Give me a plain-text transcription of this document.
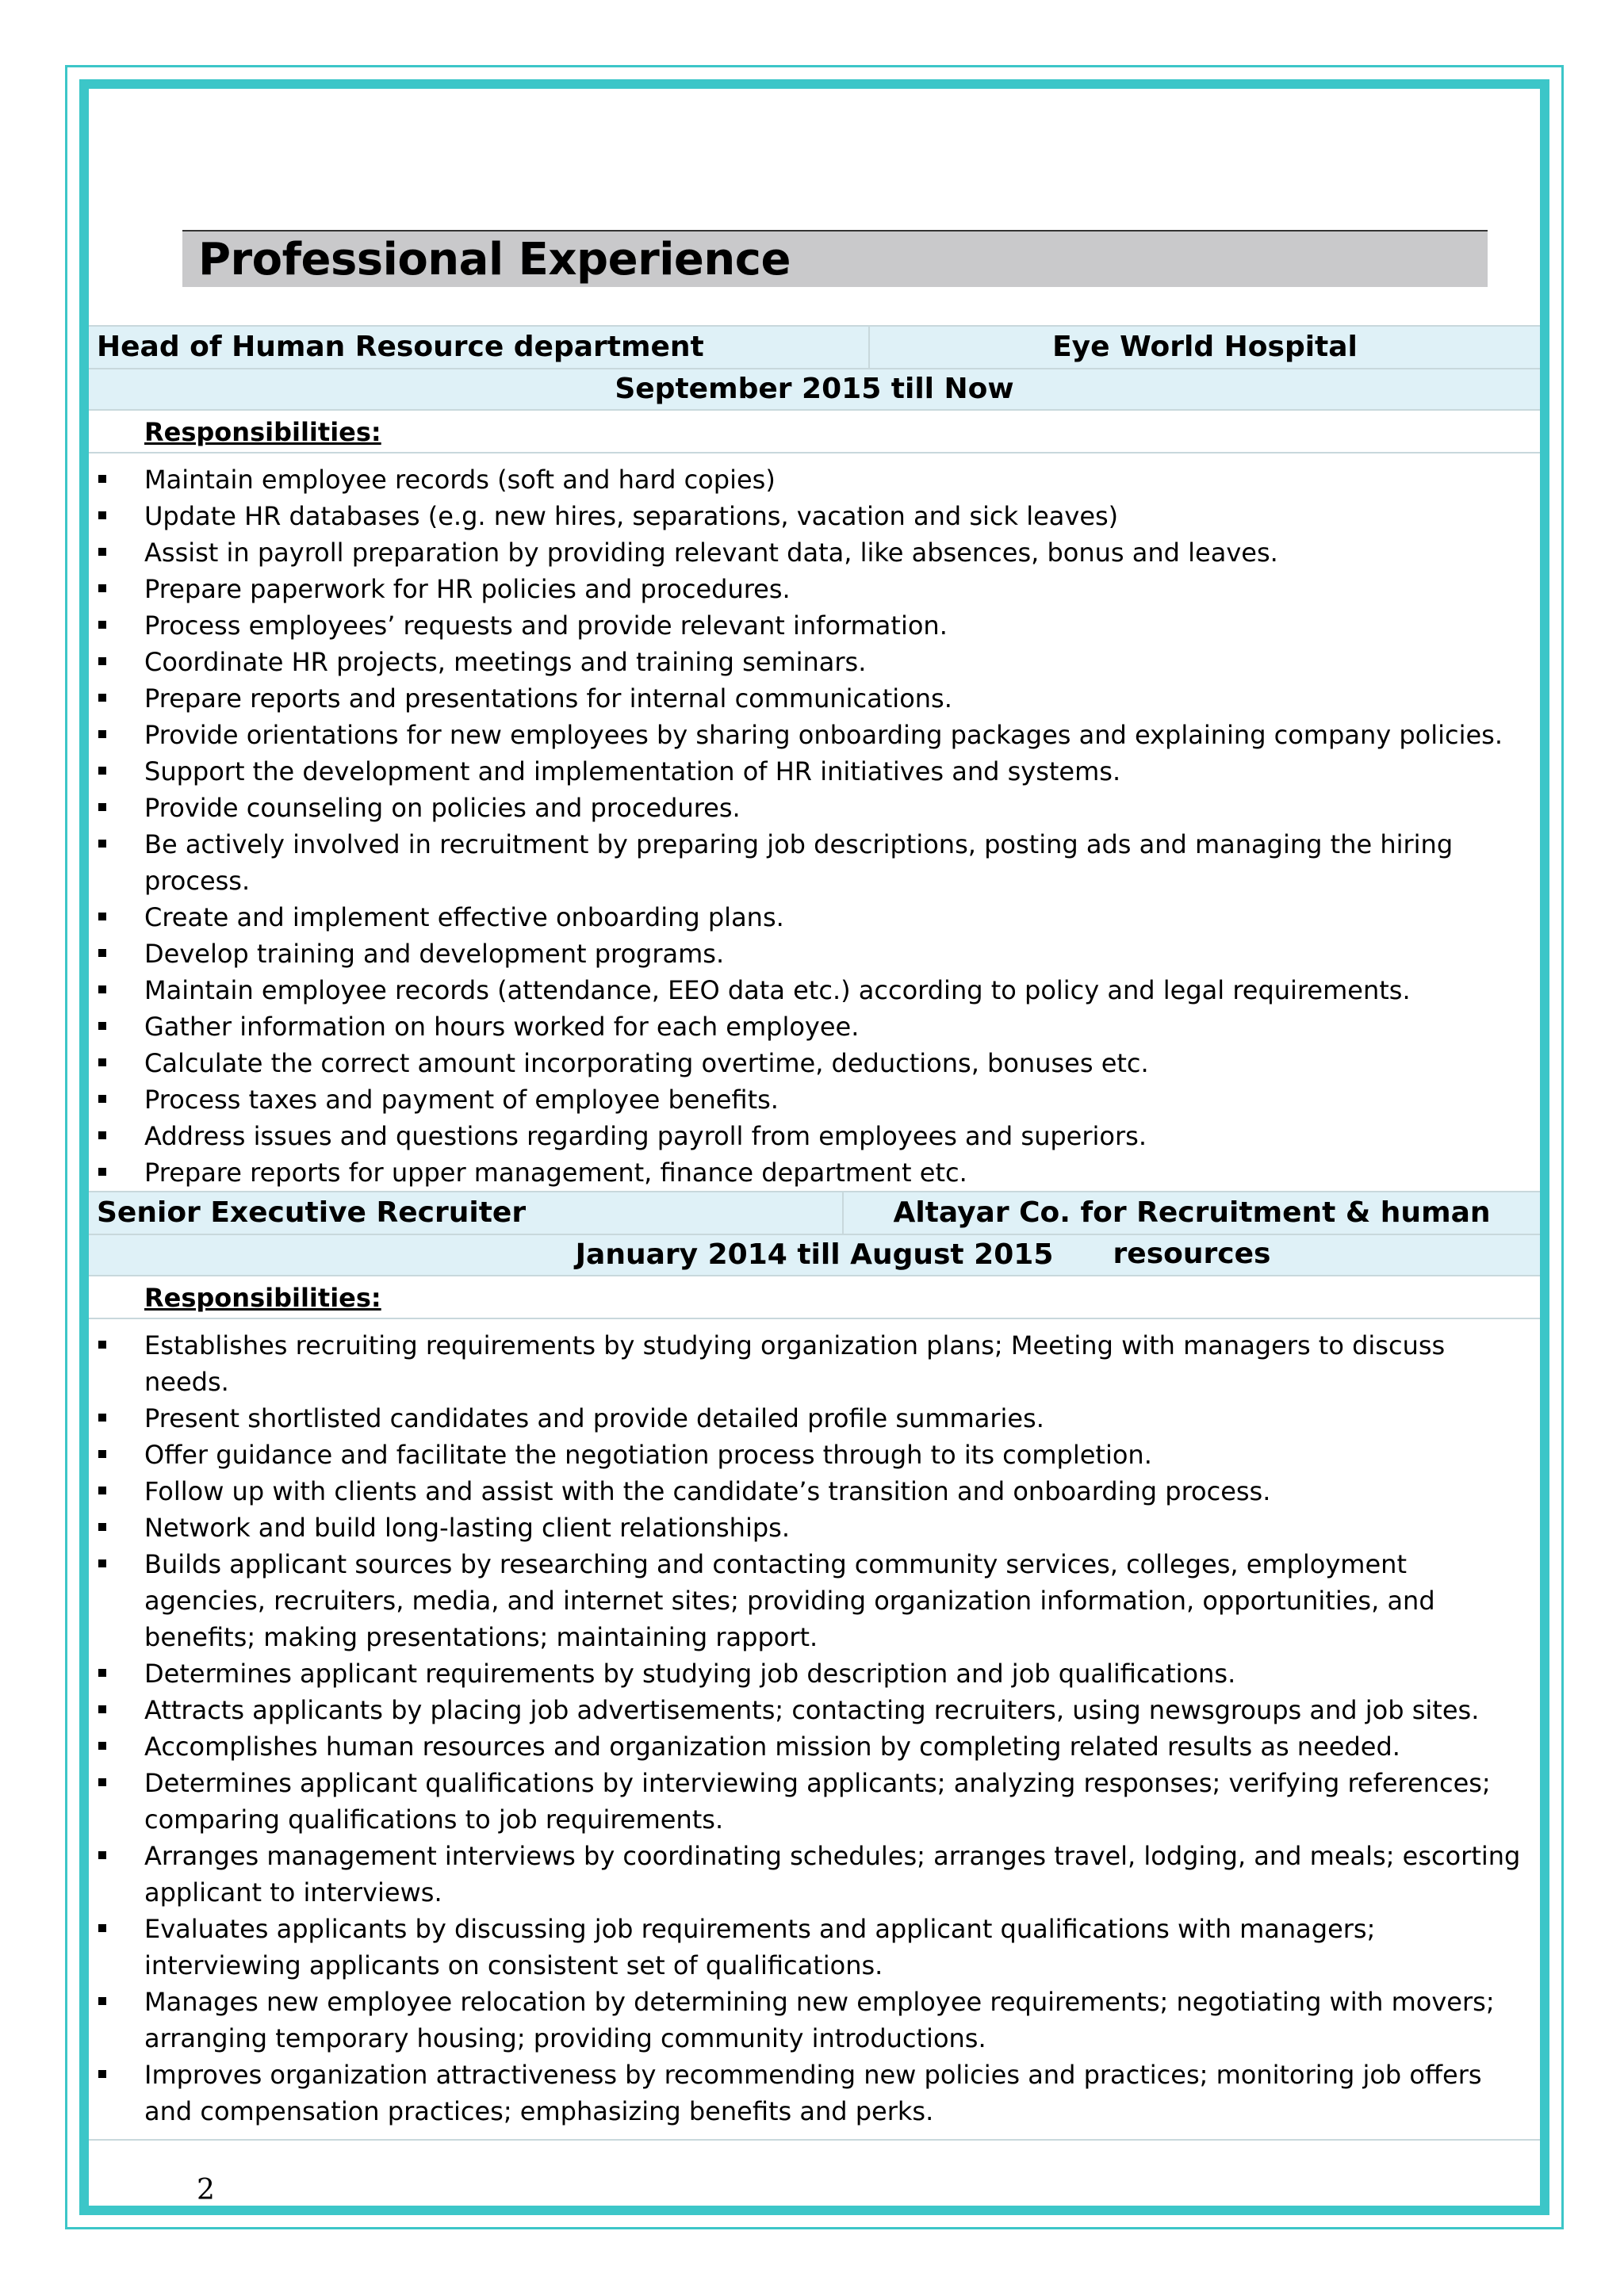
Professional Experience
Head of Human Resource department	Eye World Hospital
September 2015 till Now
Responsibilities:
Maintain employee records (soft and hard copies)
Update HR databases (e.g. new hires, separations, vacation and sick leaves)
Assist in payroll preparation by providing relevant data, like absences, bonus and leaves.
Prepare paperwork for HR policies and procedures.
Process employees’ requests and provide relevant information.
Coordinate HR projects, meetings and training seminars.
Prepare reports and presentations for internal communications.
Provide orientations for new employees by sharing onboarding packages and explaining company policies.
Support the development and implementation of HR initiatives and systems.
Provide counseling on policies and procedures.
Be actively involved in recruitment by preparing job descriptions, posting ads and managing the hiring process.
Create and implement effective onboarding plans.
Develop training and development programs.
Maintain employee records (attendance, EEO data etc.) according to policy and legal requirements.
Gather information on hours worked for each employee.
Calculate the correct amount incorporating overtime, deductions, bonuses etc.
Process taxes and payment of employee benefits.
Address issues and questions regarding payroll from employees and superiors.
Prepare reports for upper management, finance department etc.
Senior Executive Recruiter	Altayar Co. for Recruitment & human resources
January 2014 till August 2015
Responsibilities:
Establishes recruiting requirements by studying organization plans; Meeting with managers to discuss needs.
Present shortlisted candidates and provide detailed profile summaries.
Offer guidance and facilitate the negotiation process through to its completion.
Follow up with clients and assist with the candidate’s transition and onboarding process.
Network and build long-lasting client relationships.
Builds applicant sources by researching and contacting community services, colleges, employment agencies, recruiters, media, and internet sites; providing organization information, opportunities, and benefits; making presentations; maintaining rapport.
Determines applicant requirements by studying job description and job qualifications.
Attracts applicants by placing job advertisements; contacting recruiters, using newsgroups and job sites.
Accomplishes human resources and organization mission by completing related results as needed.
Determines applicant qualifications by interviewing applicants; analyzing responses; verifying references; comparing qualifications to job requirements.
Arranges management interviews by coordinating schedules; arranges travel, lodging, and meals; escorting applicant to interviews.
Evaluates applicants by discussing job requirements and applicant qualifications with managers; interviewing applicants on consistent set of qualifications.
Manages new employee relocation by determining new employee requirements; negotiating with movers; arranging temporary housing; providing community introductions.
Improves organization attractiveness by recommending new policies and practices; monitoring job offers and compensation practices; emphasizing benefits and perks.
2
